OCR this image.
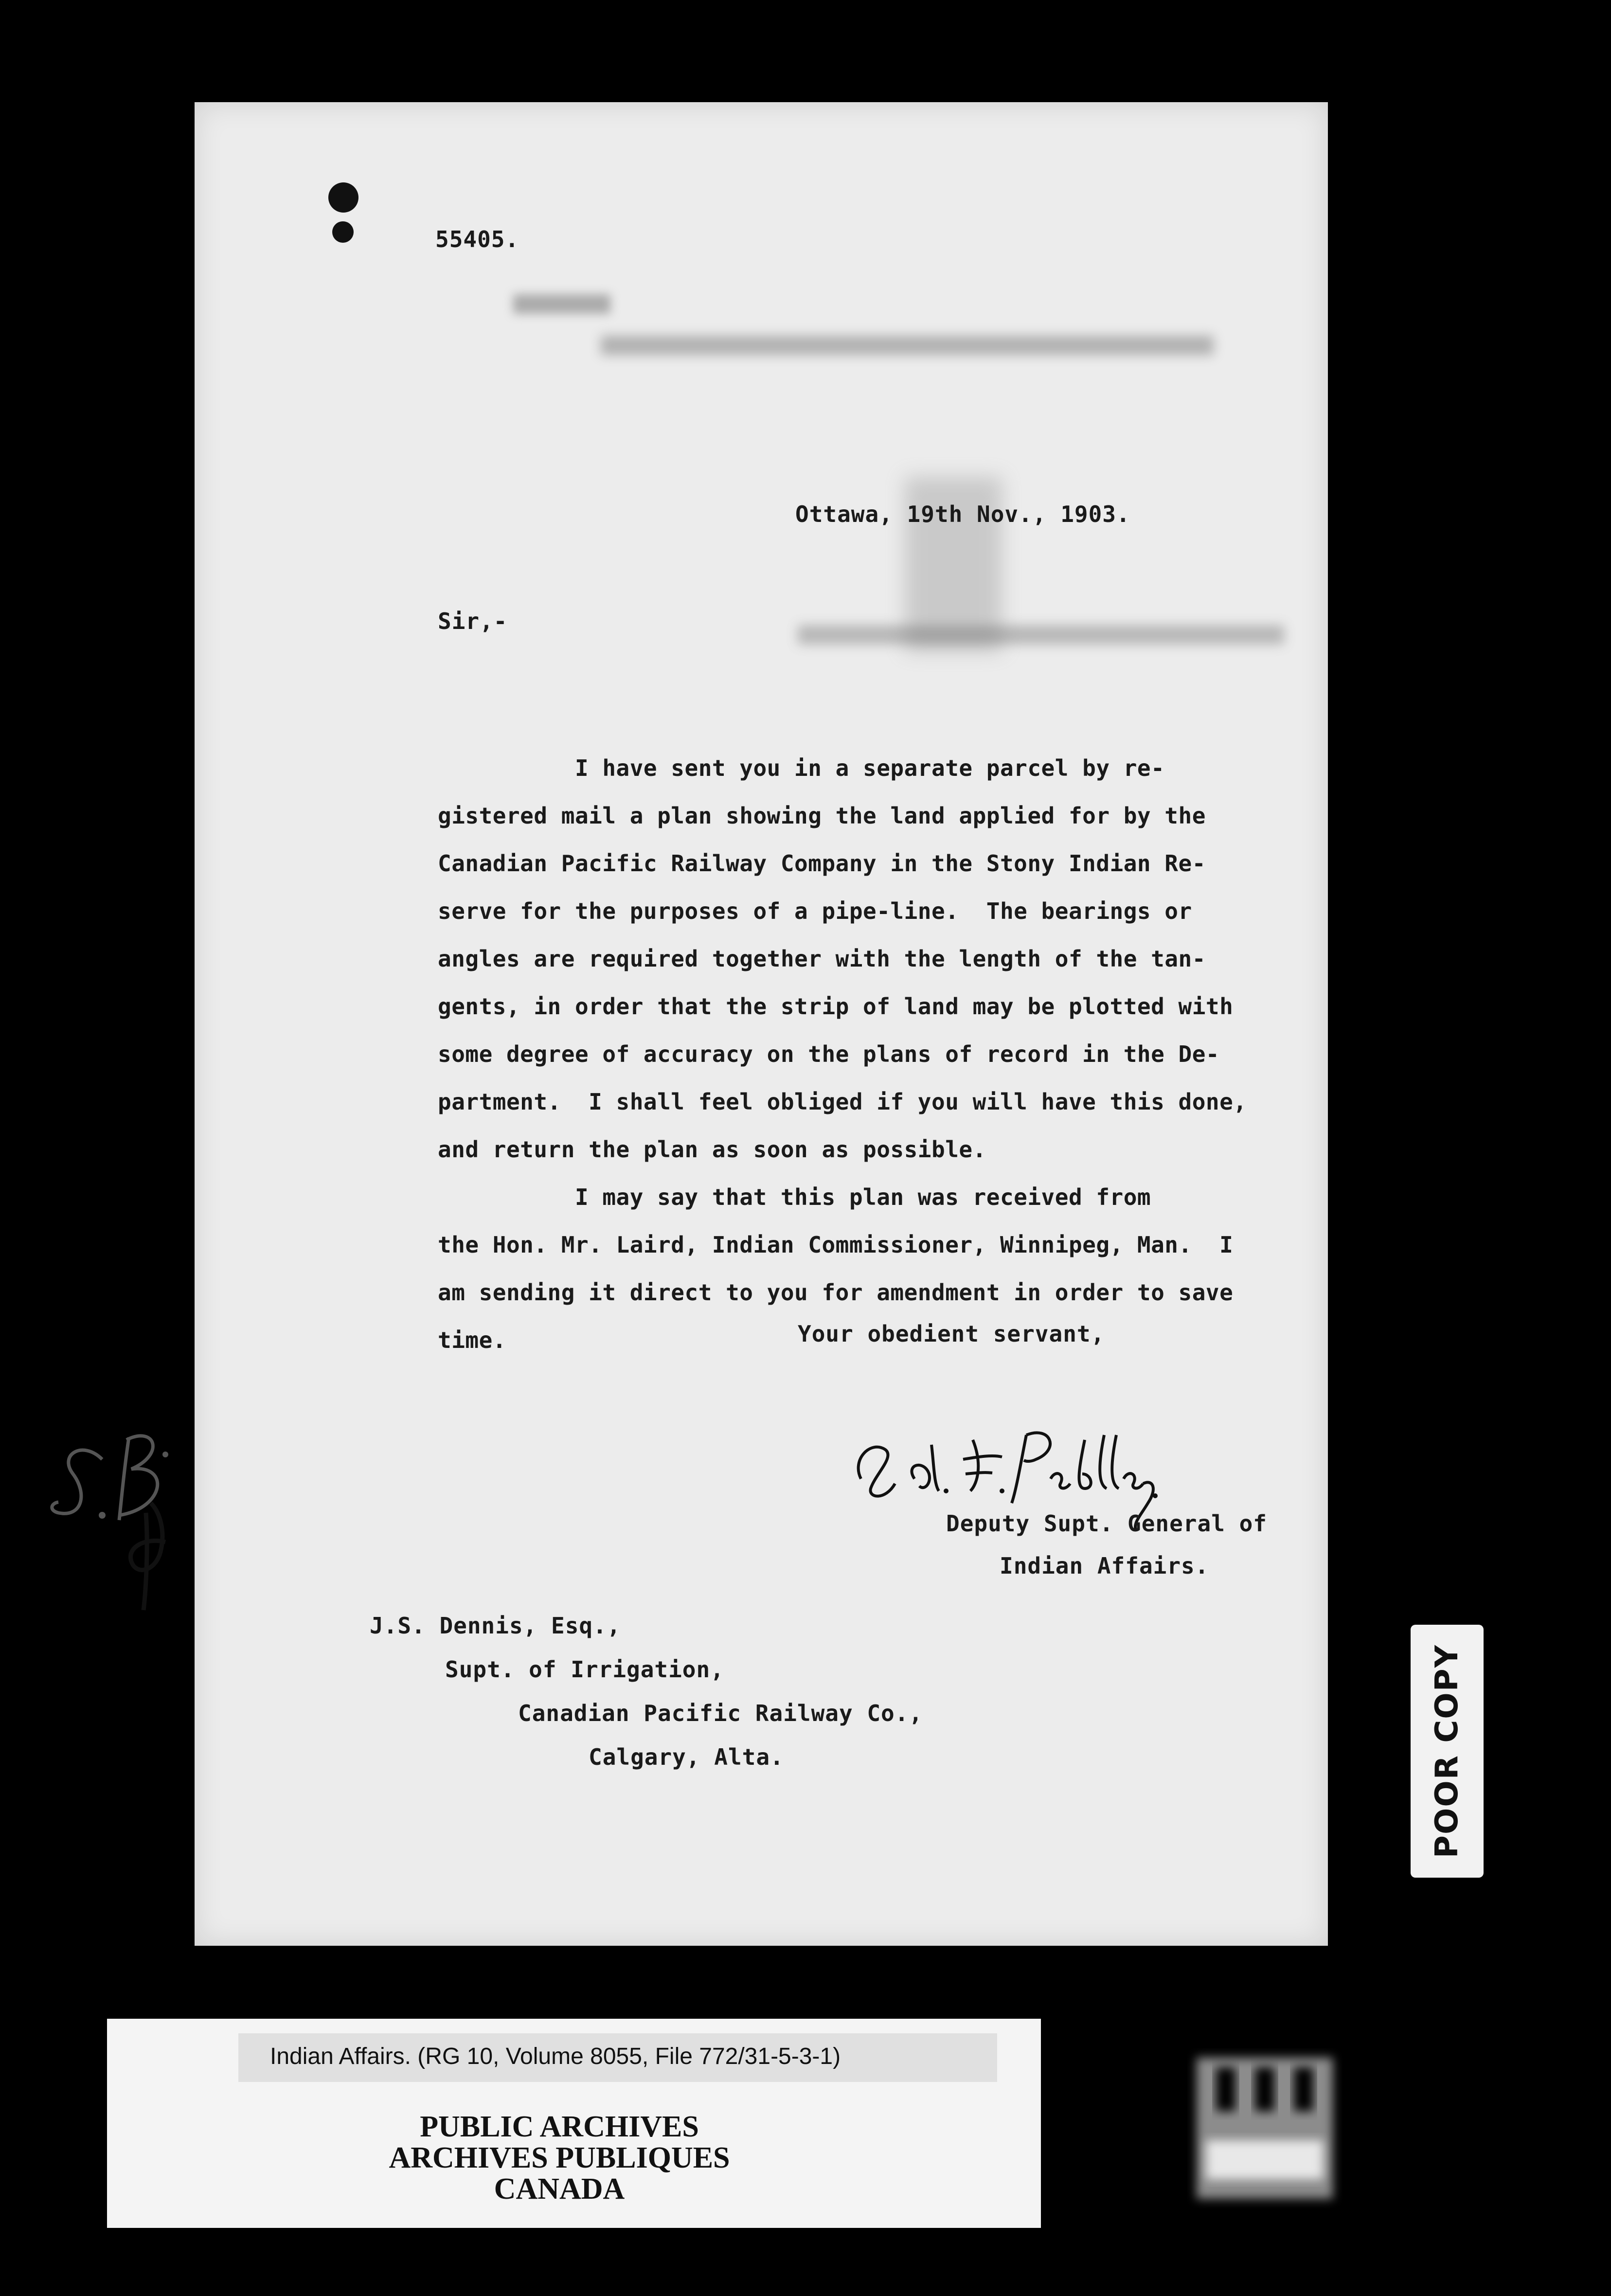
55405.
Ottawa, 19th Nov., 1903.
Sir,-
I have sent you in a separate parcel by re-
gistered mail a plan showing the land applied for by the
Canadian Pacific Railway Company in the Stony Indian Re-
serve for the purposes of a pipe-line.  The bearings or
angles are required together with the length of the tan-
gents, in order that the strip of land may be plotted with
some degree of accuracy on the plans of record in the De-
partment.  I shall feel obliged if you will have this done,
and return the plan as soon as possible.
I may say that this plan was received from
the Hon. Mr. Laird, Indian Commissioner, Winnipeg, Man.  I
am sending it direct to you for amendment in order to save
time.	Your obedient servant,
Deputy Supt. General of
Indian Affairs.
J.S. Dennis, Esq.,
Supt. of Irrigation,
Canadian Pacific Railway Co.,
Calgary, Alta.	POOR COPY
Indian Affairs. (RG 10, Volume 8055, File 772/31-5-3-1)
PUBLIC ARCHIVES
ARCHIVES PUBLIQUES
CANADA
